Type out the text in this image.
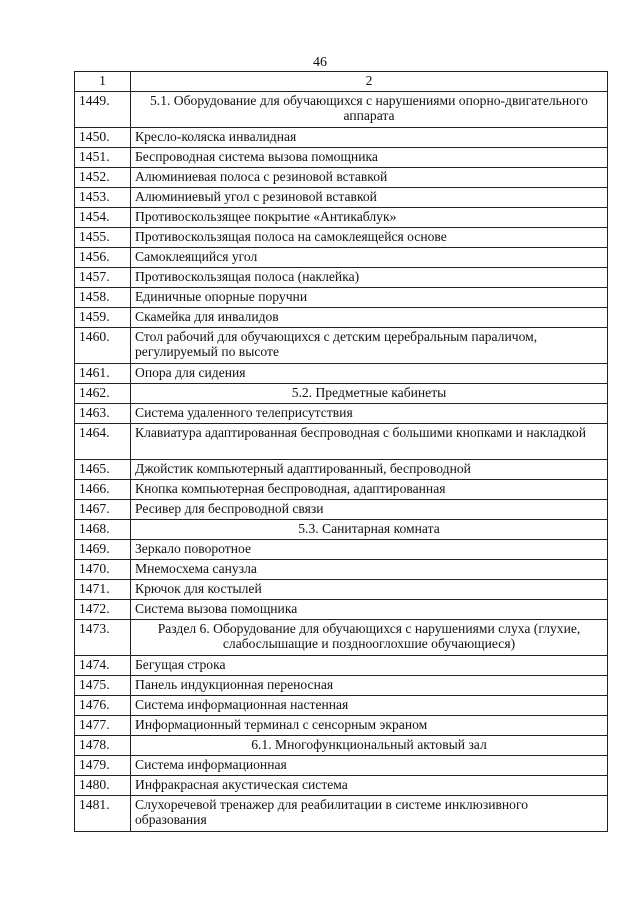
46
1	2
1449.	5.1. Оборудование для обучающихся с нарушениями опорно-двигательного аппарата
1450.	Кресло-коляска инвалидная
1451.	Беспроводная система вызова помощника
1452.	Алюминиевая полоса с резиновой вставкой
1453.	Алюминиевый угол с резиновой вставкой
1454.	Противоскользящее покрытие «Антикаблук»
1455.	Противоскользящая полоса на самоклеящейся основе
1456.	Самоклеящийся угол
1457.	Противоскользящая полоса (наклейка)
1458.	Единичные опорные поручни
1459.	Скамейка для инвалидов
1460.	Стол рабочий для обучающихся с детским церебральным параличом, регулируемый по высоте
1461.	Опора для сидения
1462.	5.2. Предметные кабинеты
1463.	Система удаленного телеприсутствия
1464.	Клавиатура адаптированная беспроводная с большими кнопками и накладкой
1465.	Джойстик компьютерный адаптированный, беспроводной
1466.	Кнопка компьютерная беспроводная, адаптированная
1467.	Ресивер для беспроводной связи
1468.	5.3. Санитарная комната
1469.	Зеркало поворотное
1470.	Мнемосхема санузла
1471.	Крючок для костылей
1472.	Система вызова помощника
1473.	Раздел 6. Оборудование для обучающихся с нарушениями слуха (глухие, слабослышащие и позднооглохшие обучающиеся)
1474.	Бегущая строка
1475.	Панель индукционная переносная
1476.	Система информационная настенная
1477.	Информационный терминал с сенсорным экраном
1478.	6.1. Многофункциональный актовый зал
1479.	Система информационная
1480.	Инфракрасная акустическая система
1481.	Слухоречевой тренажер для реабилитации в системе инклюзивного образования
